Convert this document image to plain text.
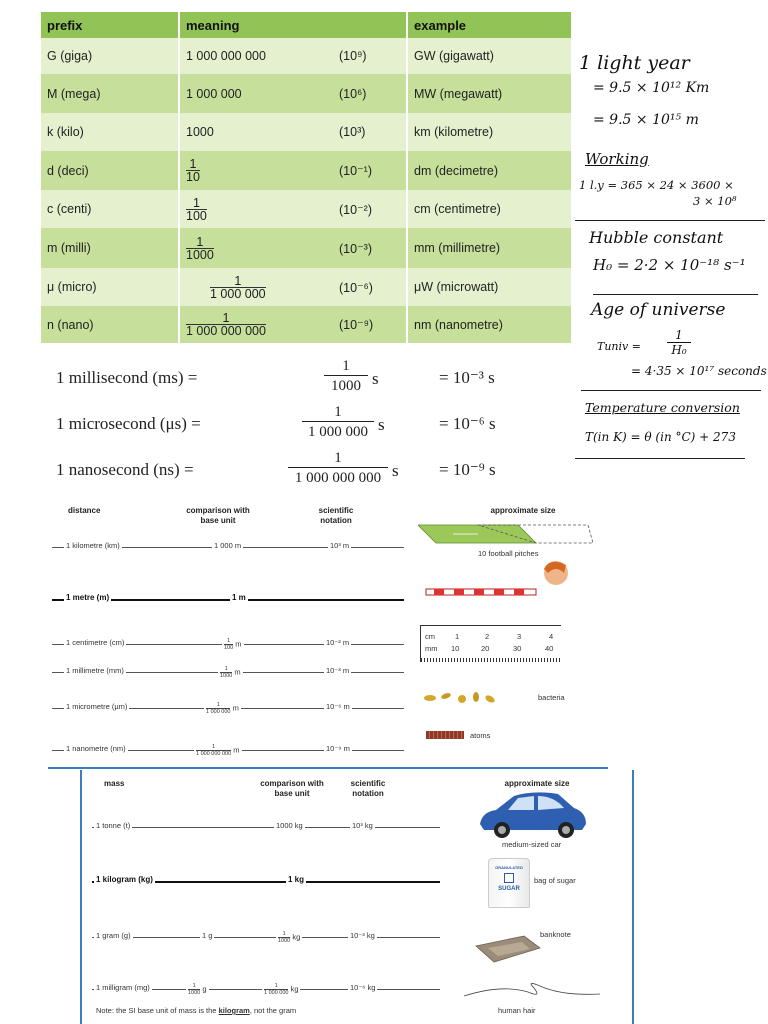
prefix	meaning		example
G (giga)	1 000 000 000	(10⁹)	GW (gigawatt)
M (mega)	1 000 000	(10⁶)	MW (megawatt)
k (kilo)	1000	(10³)	km (kilometre)
d (deci)	$\frac{1}{10}$	(10⁻¹)	dm (decimetre)
c (centi)	$\frac{1}{100}$	(10⁻²)	cm (centimetre)
m (milli)	$\frac{1}{1000}$	(10⁻³)	mm (millimetre)
μ (micro)	$\frac{1}{1 000 000}$	(10⁻⁶)	μW (microwatt)
n (nano)	$\frac{1}{1 000 000 000}$	(10⁻⁹)	nm (nanometre)
1 millisecond (ms) =	$\frac{1}{1000}$ s	= 10⁻³ s
1 microsecond (μs) =	$\frac{1}{1 000 000}$ s	= 10⁻⁶ s
1 nanosecond (ns) =	$\frac{1}{1 000 000 000}$ s = 10⁻⁹ s
1 light year
= 9.5 × 10¹² Km
= 9.5 × 10¹⁵ m
Working
1 l.y = 365 × 24 × 3600 ×
3 × 10⁸
Hubble constant
H₀ = 2·2 × 10⁻¹⁸ s⁻¹
Age of universe
Tuniv = $\frac{1}{\text{H₀}}$
= 4·35 × 10¹⁷ seconds
Temperature conversion
T(in K) = θ (in °C) + 273
distance	comparison with base unit
scientific notation
approximate size
1 kilometre (km)	1 000 m	10³ m
10 football pitches
1 metre (m)	1 m
1 centimetre (cm)	$\frac{1}{100}$ m	10⁻² m
cm
mm
1	2	3	4
10	20	30	40
1 millimetre (mm)	$\frac{1}{1000}$ m	10⁻³ m
1 micrometre (μm)	$\frac{1}{1 000 000}$ m	10⁻⁶ m
bacteria
1 nanometre (nm)	$\frac{1}{1 000 000 000}$ m	10⁻⁹ m
atoms
mass	comparison with base unit
scientific notation
approximate size
1 tonne (t)	1000 kg	10³ kg
medium-sized car
1 kilogram (kg)	1 kg
GRANULATED
SUGAR
bag of sugar
1 gram (g)	1 g	$\frac{1}{1000}$ kg	10⁻³ kg	banknote
1 milligram (mg)	$\frac{1}{1000}$ g	$\frac{1}{1 000 000}$ kg	10⁻⁶ kg
human hair
Note: the SI base unit of mass is the kilogram, not the gram
